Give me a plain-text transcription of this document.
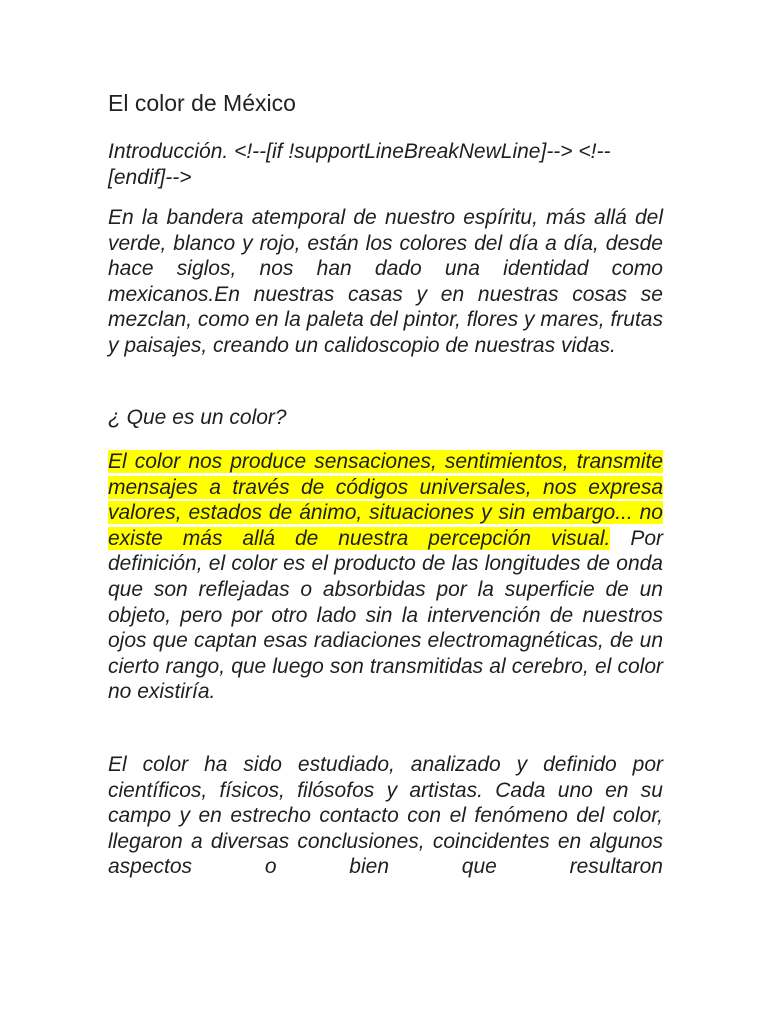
El color de México
Introducción. <!--[if !supportLineBreakNewLine]--> <!--[endif]-->
En la bandera atemporal de nuestro espíritu, más allá del verde, blanco y rojo, están los colores del día a día, desde hace siglos, nos han dado una identidad como mexicanos.En nuestras casas y en nuestras cosas se mezclan, como en la paleta del pintor, flores y mares, frutas y paisajes, creando un calidoscopio de nuestras vidas.
¿ Que es un color?
El color nos produce sensaciones, sentimientos, transmite mensajes a través de códigos universales, nos expresa valores, estados de ánimo, situaciones y sin embargo... no existe más allá de nuestra percepción visual. Por definición, el color es el producto de las longitudes de onda que son reflejadas o absorbidas por la superficie de un objeto, pero por otro lado sin la intervención de nuestros ojos que captan esas radiaciones electromagnéticas, de un cierto rango, que luego son transmitidas al cerebro, el color no existiría.
El color ha sido estudiado, analizado y definido por científicos, físicos, filósofos y artistas. Cada uno en su campo y en estrecho contacto con el fenómeno del color, llegaron a diversas conclusiones, coincidentes en algunos aspectos o bien que resultaron
